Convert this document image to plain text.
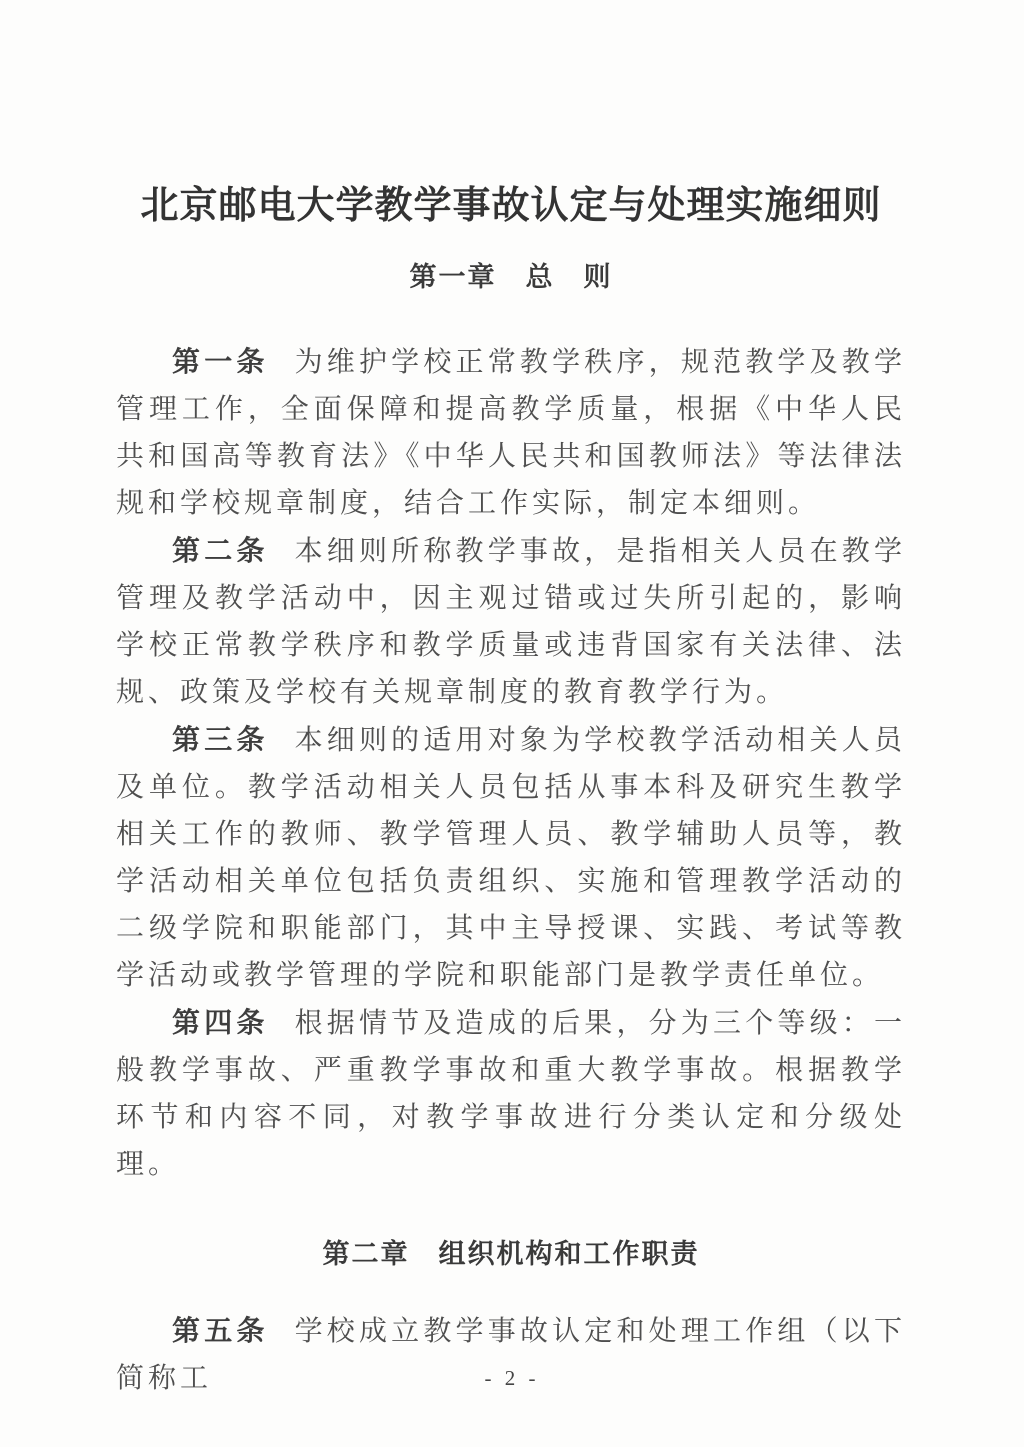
北京邮电大学教学事故认定与处理实施细则
第一章　总　则

第一条 为维护学校正常教学秩序，规范教学及教学管理工作，全面保障和提高教学质量，根据《中华人民共和国高等教育法》《中华人民共和国教师法》等法律法规和学校规章制度，结合工作实际，制定本细则。

第二条 本细则所称教学事故，是指相关人员在教学管理及教学活动中，因主观过错或过失所引起的，影响学校正常教学秩序和教学质量或违背国家有关法律、法规、政策及学校有关规章制度的教育教学行为。

第三条 本细则的适用对象为学校教学活动相关人员及单位。教学活动相关人员包括从事本科及研究生教学相关工作的教师、教学管理人员、教学辅助人员等，教学活动相关单位包括负责组织、实施和管理教学活动的二级学院和职能部门，其中主导授课、实践、考试等教学活动或教学管理的学院和职能部门是教学责任单位。

第四条 根据情节及造成的后果，分为三个等级：一般教学事故、严重教学事故和重大教学事故。根据教学环节和内容不同，对教学事故进行分类认定和分级处理。

第二章　组织机构和工作职责

第五条 学校成立教学事故认定和处理工作组（以下简称工	- 2 -
